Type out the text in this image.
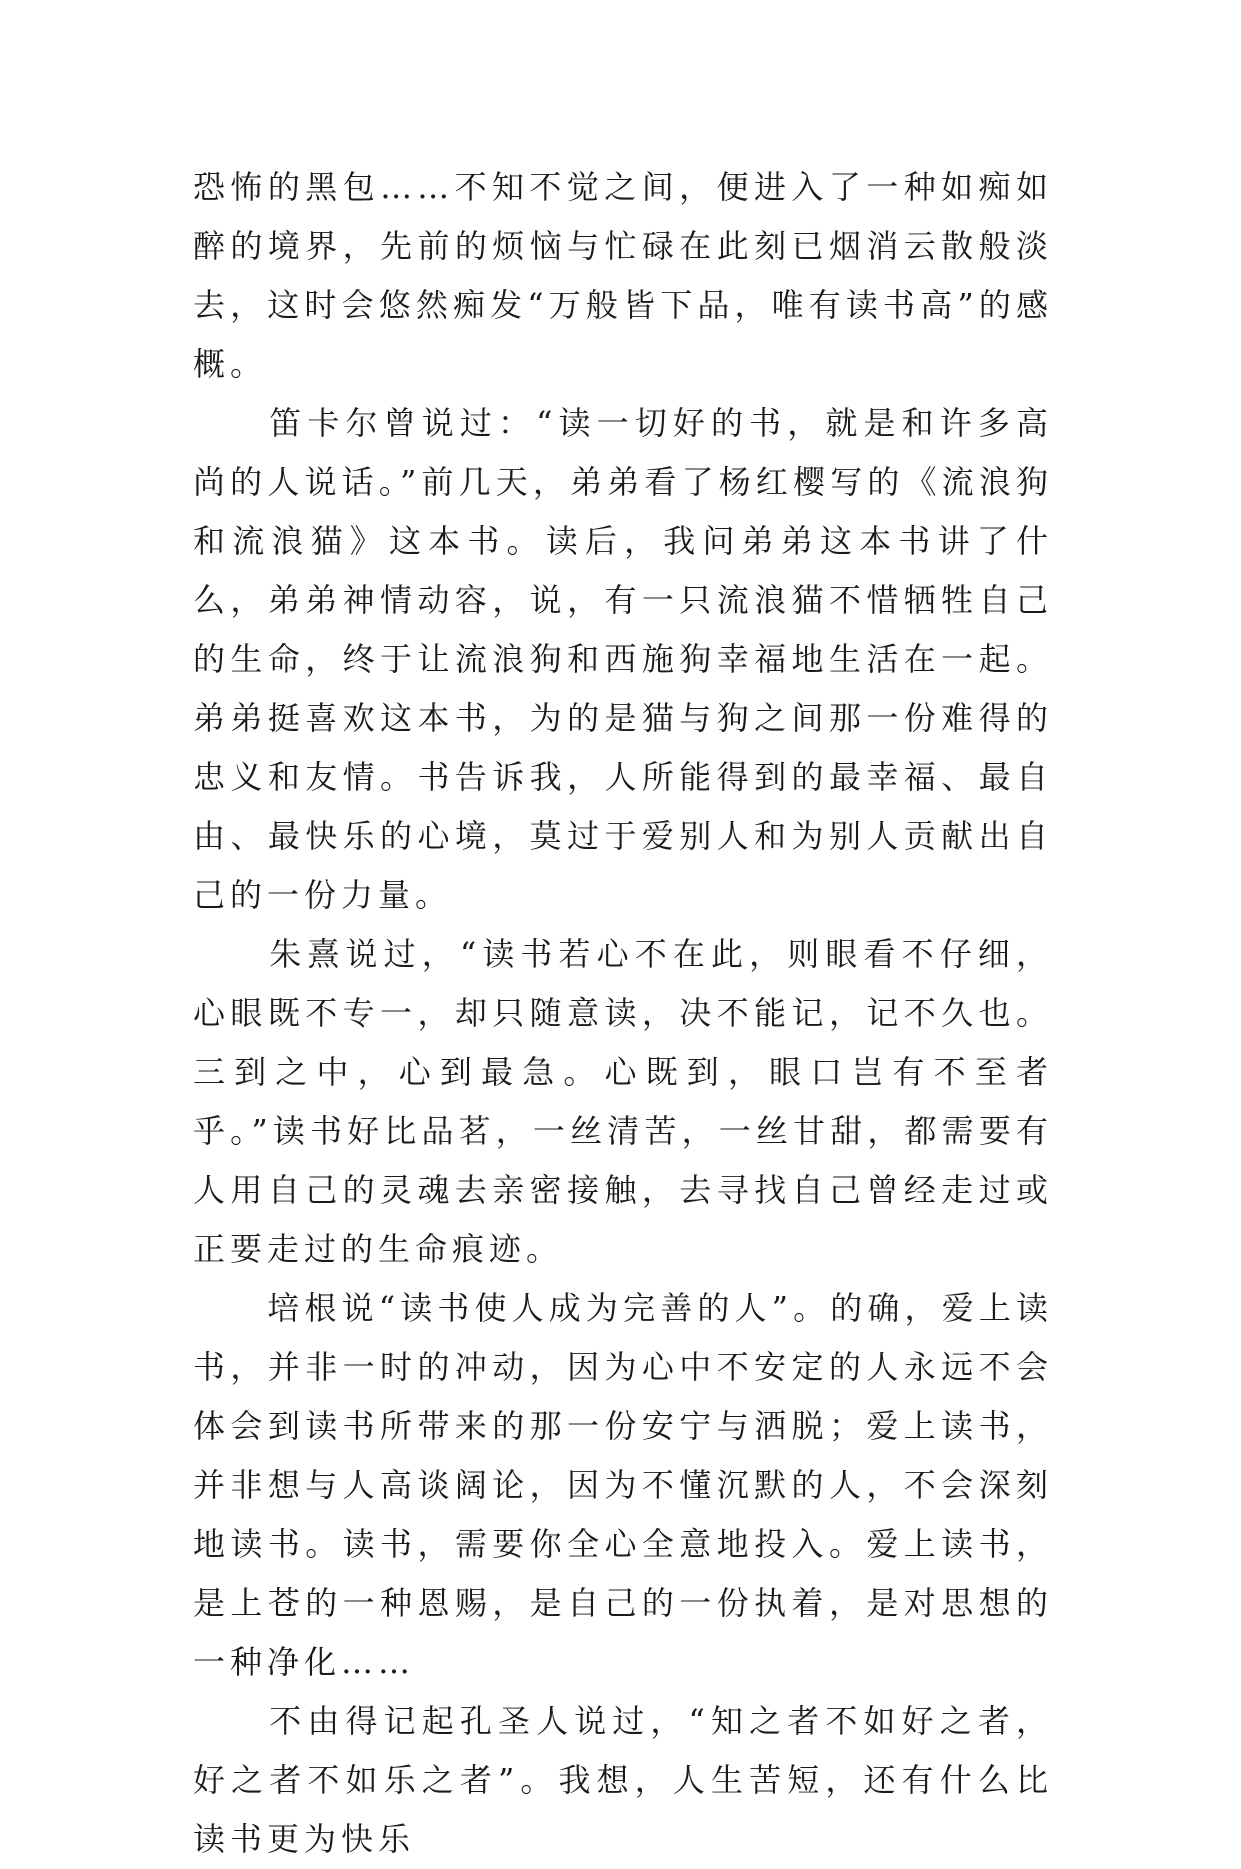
恐怖的黑包……不知不觉之间，便进入了一种如痴如醉的境界，先前的烦恼与忙碌在此刻已烟消云散般淡去，这时会悠然痴发“万般皆下品，唯有读书高”的感概。

　　笛卡尔曾说过：“读一切好的书，就是和许多高尚的人说话。”前几天，弟弟看了杨红樱写的《流浪狗和流浪猫》这本书。读后，我问弟弟这本书讲了什么，弟弟神情动容，说，有一只流浪猫不惜牺牲自己的生命，终于让流浪狗和西施狗幸福地生活在一起。弟弟挺喜欢这本书，为的是猫与狗之间那一份难得的忠义和友情。书告诉我，人所能得到的最幸福、最自由、最快乐的心境，莫过于爱别人和为别人贡献出自己的一份力量。

　　朱熹说过，“读书若心不在此，则眼看不仔细，心眼既不专一，却只随意读，决不能记，记不久也。三到之中，心到最急。心既到，眼口岂有不至者乎。”读书好比品茗，一丝清苦，一丝甘甜，都需要有人用自己的灵魂去亲密接触，去寻找自己曾经走过或正要走过的生命痕迹。

　　培根说“读书使人成为完善的人”。的确，爱上读书，并非一时的冲动，因为心中不安定的人永远不会体会到读书所带来的那一份安宁与洒脱；爱上读书，并非想与人高谈阔论，因为不懂沉默的人，不会深刻地读书。读书，需要你全心全意地投入。爱上读书，是上苍的一种恩赐，是自己的一份执着，是对思想的一种净化……

　　不由得记起孔圣人说过，“知之者不如好之者，好之者不如乐之者”。我想，人生苦短，还有什么比读书更为快乐
